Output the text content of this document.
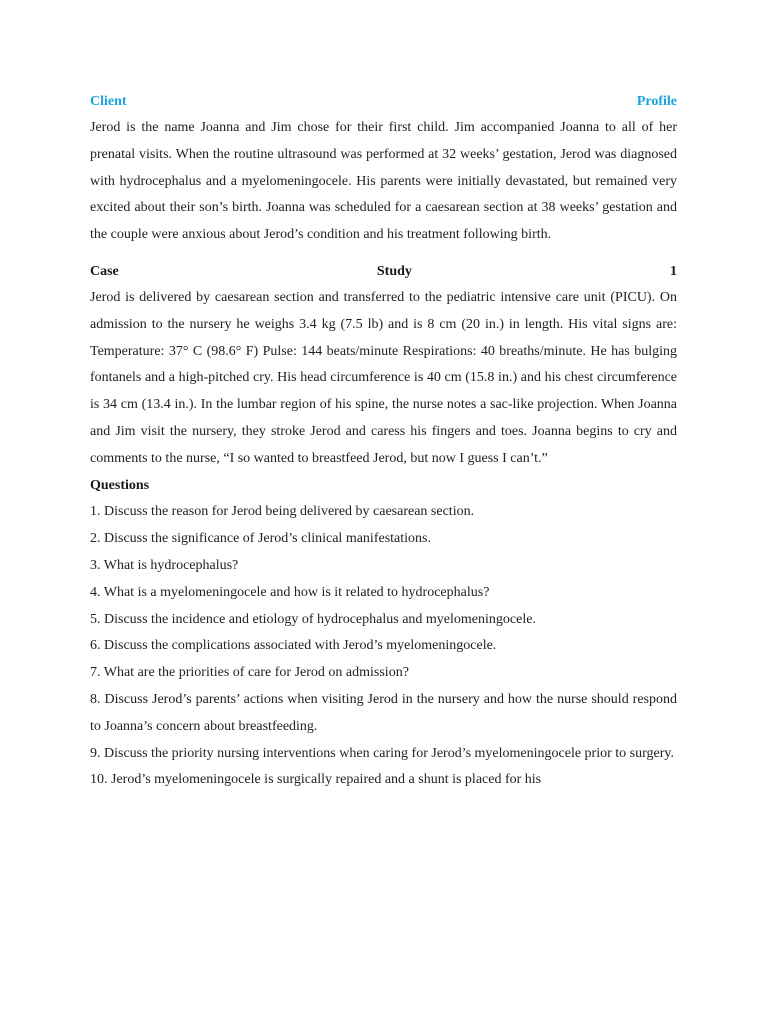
Client	Profile

Jerod is the name Joanna and Jim chose for their first child. Jim accompanied Joanna to all of her prenatal visits. When the routine ultrasound was performed at 32 weeks’ gestation, Jerod was diagnosed with hydrocephalus and a myelomeningocele. His parents were initially devastated, but remained very excited about their son’s birth. Joanna was scheduled for a caesarean section at 38 weeks’ gestation and the couple were anxious about Jerod’s condition and his treatment following birth.

Case	Study	1

Jerod is delivered by caesarean section and transferred to the pediatric intensive care unit (PICU). On admission to the nursery he weighs 3.4 kg (7.5 lb) and is 8 cm (20 in.) in length. His vital signs are: Temperature: 37° C (98.6° F) Pulse: 144 beats/minute Respirations: 40 breaths/minute. He has bulging fontanels and a high-pitched cry. His head circumference is 40 cm (15.8 in.) and his chest circumference is 34 cm (13.4 in.). In the lumbar region of his spine, the nurse notes a sac-like projection. When Joanna and Jim visit the nursery, they stroke Jerod and caress his fingers and toes. Joanna begins to cry and comments to the nurse, “I so wanted to breastfeed Jerod, but now I guess I can’t.”

Questions
1. Discuss the reason for Jerod being delivered by caesarean section.
2. Discuss the significance of Jerod’s clinical manifestations.
3. What is hydrocephalus?
4. What is a myelomeningocele and how is it related to hydrocephalus?
5. Discuss the incidence and etiology of hydrocephalus and myelomeningocele.
6. Discuss the complications associated with Jerod’s myelomeningocele.
7. What are the priorities of care for Jerod on admission?
8. Discuss Jerod’s parents’ actions when visiting Jerod in the nursery and how the nurse should respond to Joanna’s concern about breastfeeding.
9. Discuss the priority nursing interventions when caring for Jerod’s myelomeningocele prior to surgery.
10. Jerod’s myelomeningocele is surgically repaired and a shunt is placed for his
